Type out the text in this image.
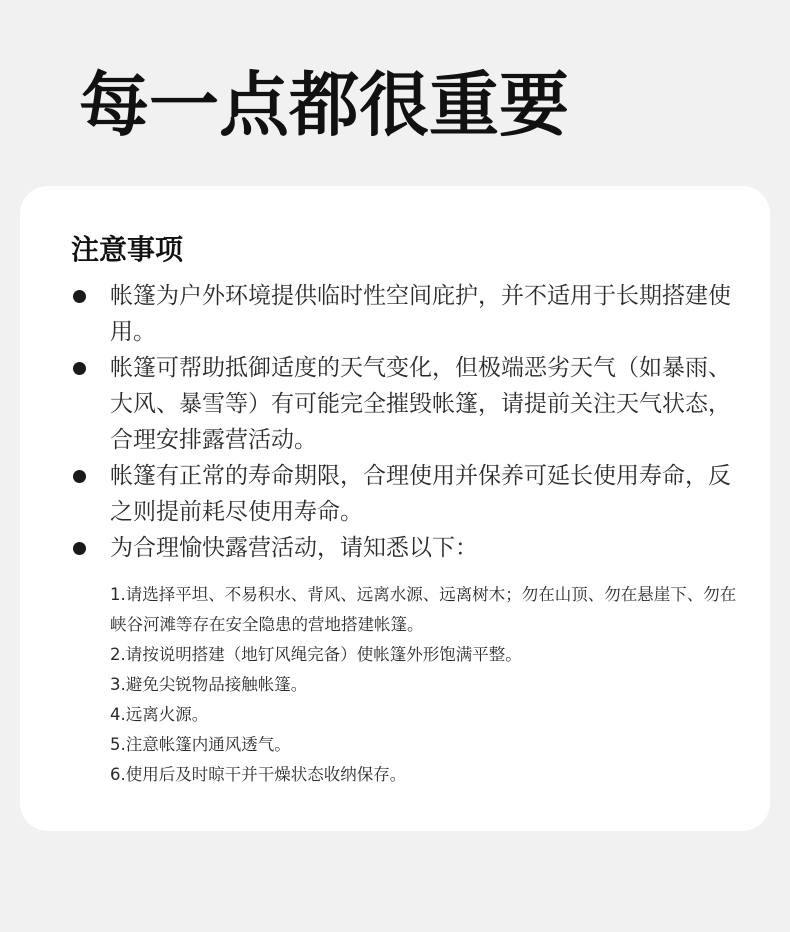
每一点都很重要
注意事项
帐篷为户外环境提供临时性空间庇护，并不适用于长期搭建使用。
帐篷可帮助抵御适度的天气变化，但极端恶劣天气（如暴雨、大风、暴雪等）有可能完全摧毁帐篷，请提前关注天气状态，合理安排露营活动。
帐篷有正常的寿命期限，合理使用并保养可延长使用寿命，反之则提前耗尽使用寿命。
为合理愉快露营活动，请知悉以下：
1.请选择平坦、不易积水、背风、远离水源、远离树木；勿在山顶、勿在悬崖下、勿在峡谷河滩等存在安全隐患的营地搭建帐篷。
2.请按说明搭建（地钉风绳完备）使帐篷外形饱满平整。
3.避免尖锐物品接触帐篷。
4.远离火源。
5.注意帐篷内通风透气。
6.使用后及时晾干并干燥状态收纳保存。
